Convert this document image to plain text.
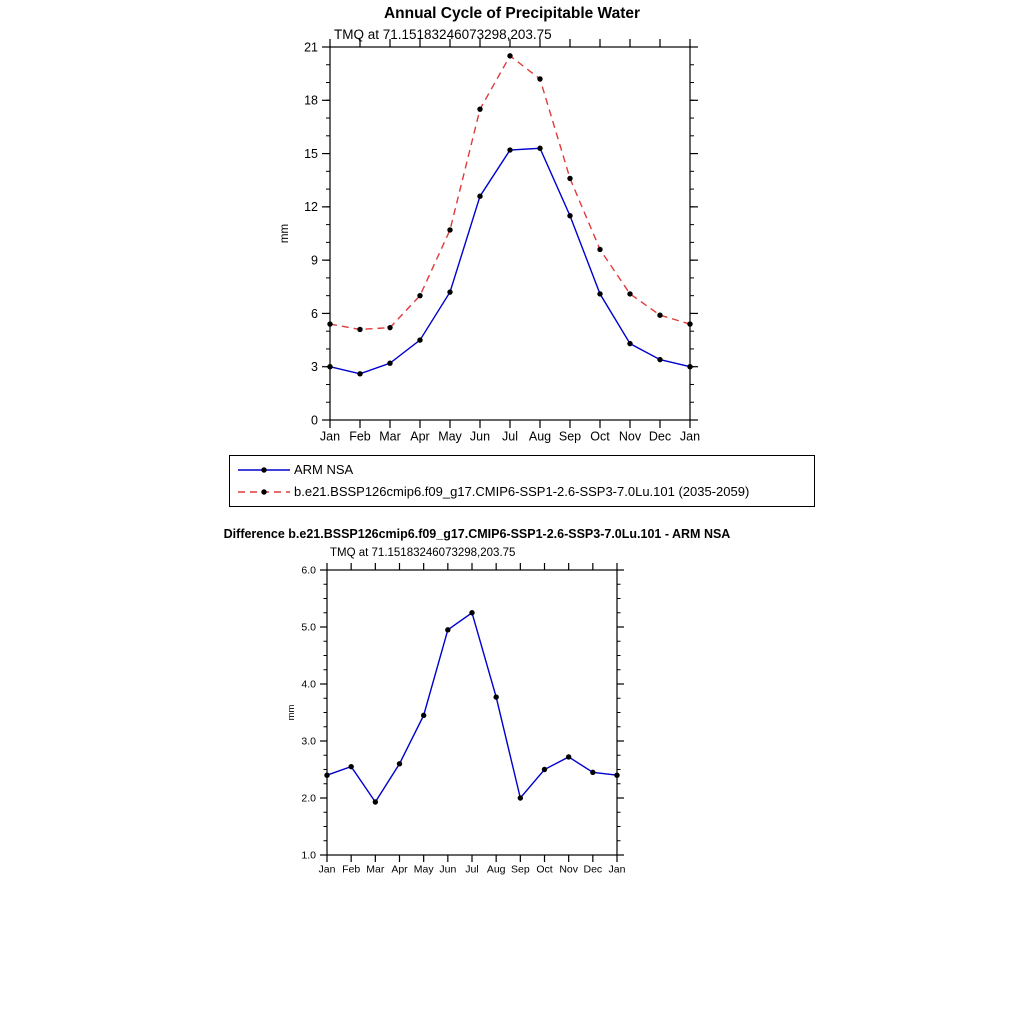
Annual Cycle of Precipitable Water
TMQ at 71.15183246073298,203.75
0
3
6
9
12
15
18
21
Jan Feb Mar Apr May Jun Jul Aug Sep Oct Nov Dec Jan
mm
ARM NSA
b.e21.BSSP126cmip6.f09_g17.CMIP6-SSP1-2.6-SSP3-7.0Lu.101 (2035-2059)
Difference b.e21.BSSP126cmip6.f09_g17.CMIP6-SSP1-2.6-SSP3-7.0Lu.101 - ARM NSA
TMQ at 71.15183246073298,203.75
1.0
2.0
3.0
4.0
5.0
6.0
Jan Feb Mar Apr May Jun Jul Aug Sep Oct Nov Dec Jan
mm
